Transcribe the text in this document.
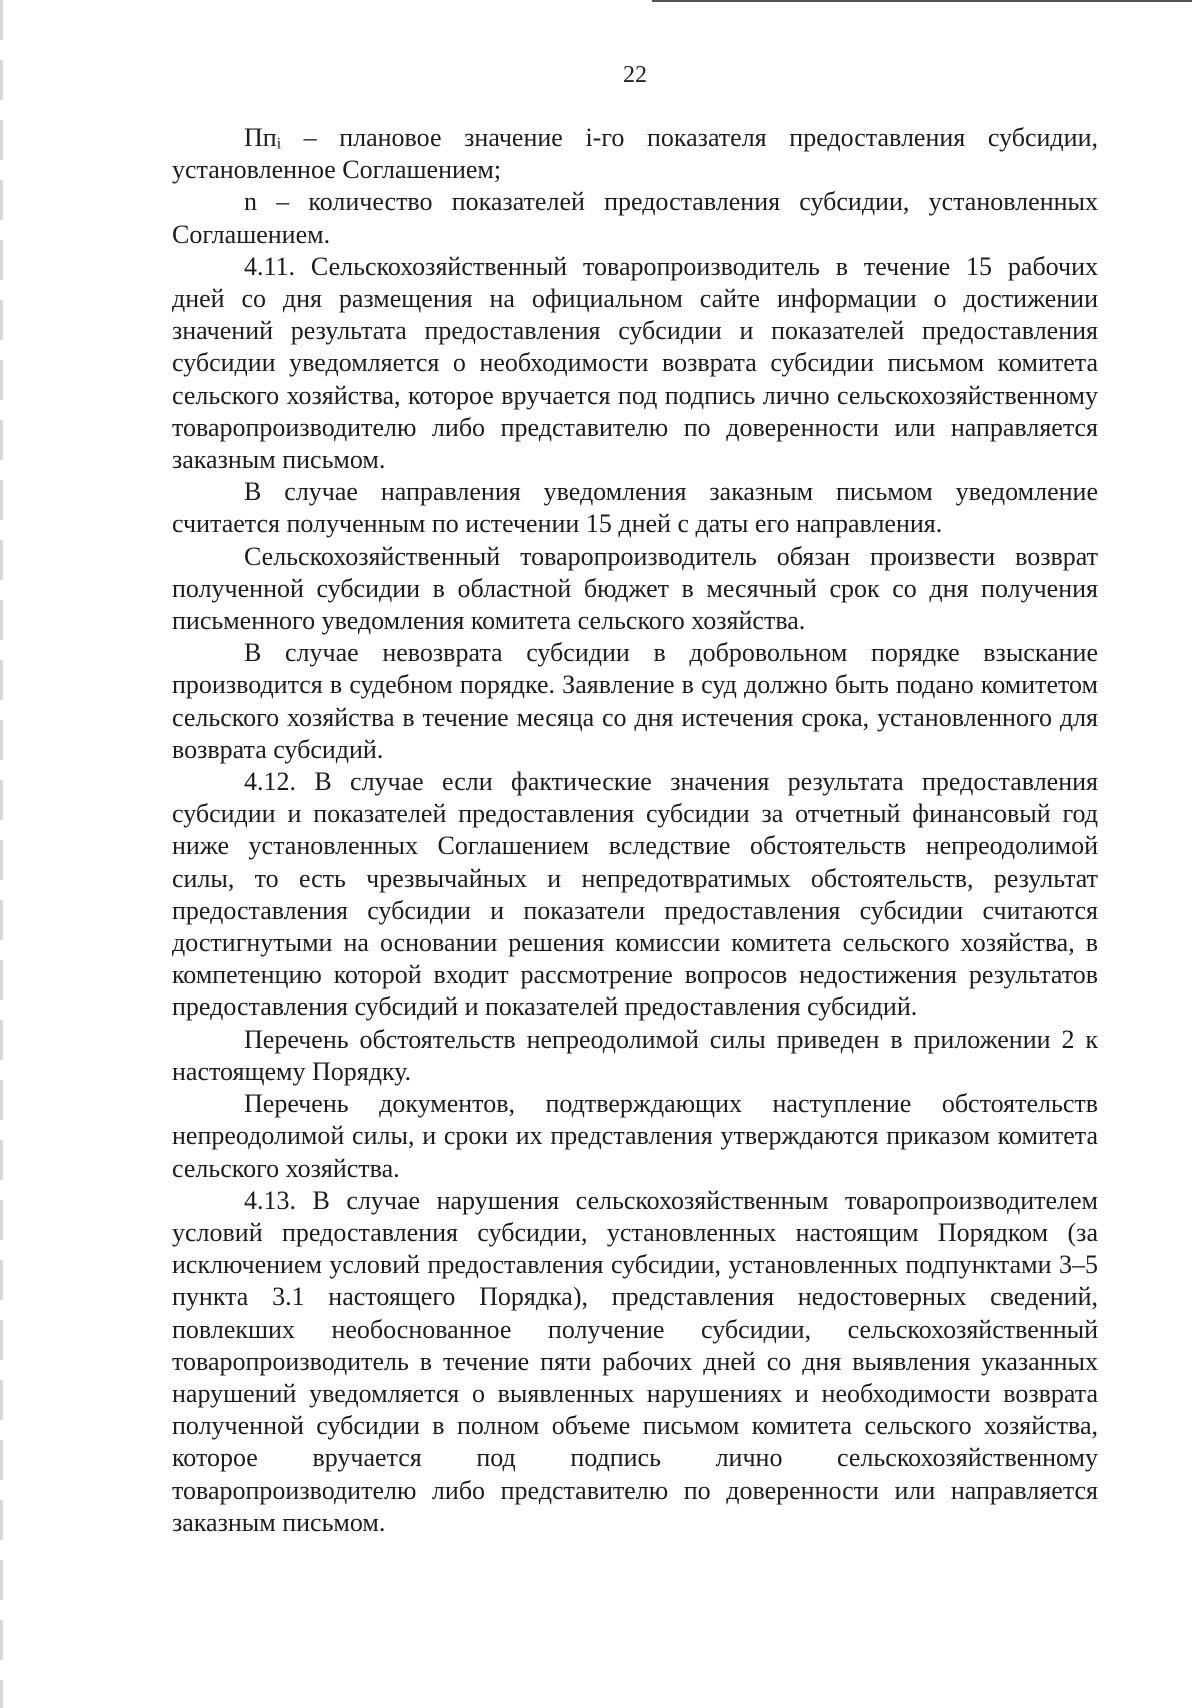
22

Ппᵢ – плановое значение i-го показателя предоставления субсидии, установленное Соглашением;

n – количество показателей предоставления субсидии, установленных Соглашением.

4.11. Сельскохозяйственный товаропроизводитель в течение 15 рабочих дней со дня размещения на официальном сайте информации о достижении значений результата предоставления субсидии и показателей предоставления субсидии уведомляется о необходимости возврата субсидии письмом комитета сельского хозяйства, которое вручается под подпись лично сельскохозяйственному товаропроизводителю либо представителю по доверенности или направляется заказным письмом.

В случае направления уведомления заказным письмом уведомление считается полученным по истечении 15 дней с даты его направления.

Сельскохозяйственный товаропроизводитель обязан произвести возврат полученной субсидии в областной бюджет в месячный срок со дня получения письменного уведомления комитета сельского хозяйства.

В случае невозврата субсидии в добровольном порядке взыскание производится в судебном порядке. Заявление в суд должно быть подано комитетом сельского хозяйства в течение месяца со дня истечения срока, установленного для возврата субсидий.

4.12. В случае если фактические значения результата предоставления субсидии и показателей предоставления субсидии за отчетный финансовый год ниже установленных Соглашением вследствие обстоятельств непреодолимой силы, то есть чрезвычайных и непредотвратимых обстоятельств, результат предоставления субсидии и показатели предоставления субсидии считаются достигнутыми на основании решения комиссии комитета сельского хозяйства, в компетенцию которой входит рассмотрение вопросов недостижения результатов предоставления субсидий и показателей предоставления субсидий.

Перечень обстоятельств непреодолимой силы приведен в приложении 2 к настоящему Порядку.

Перечень документов, подтверждающих наступление обстоятельств непреодолимой силы, и сроки их представления утверждаются приказом комитета сельского хозяйства.

4.13. В случае нарушения сельскохозяйственным товаропроизводителем условий предоставления субсидии, установленных настоящим Порядком (за исключением условий предоставления субсидии, установленных подпунктами 3–5 пункта 3.1 настоящего Порядка), представления недостоверных сведений, повлекших необоснованное получение субсидии, сельскохозяйственный товаропроизводитель в течение пяти рабочих дней со дня выявления указанных нарушений уведомляется о выявленных нарушениях и необходимости возврата полученной субсидии в полном объеме письмом комитета сельского хозяйства, которое вручается под подпись лично сельскохозяйственному товаропроизводителю либо представителю по доверенности или направляется заказным письмом.
